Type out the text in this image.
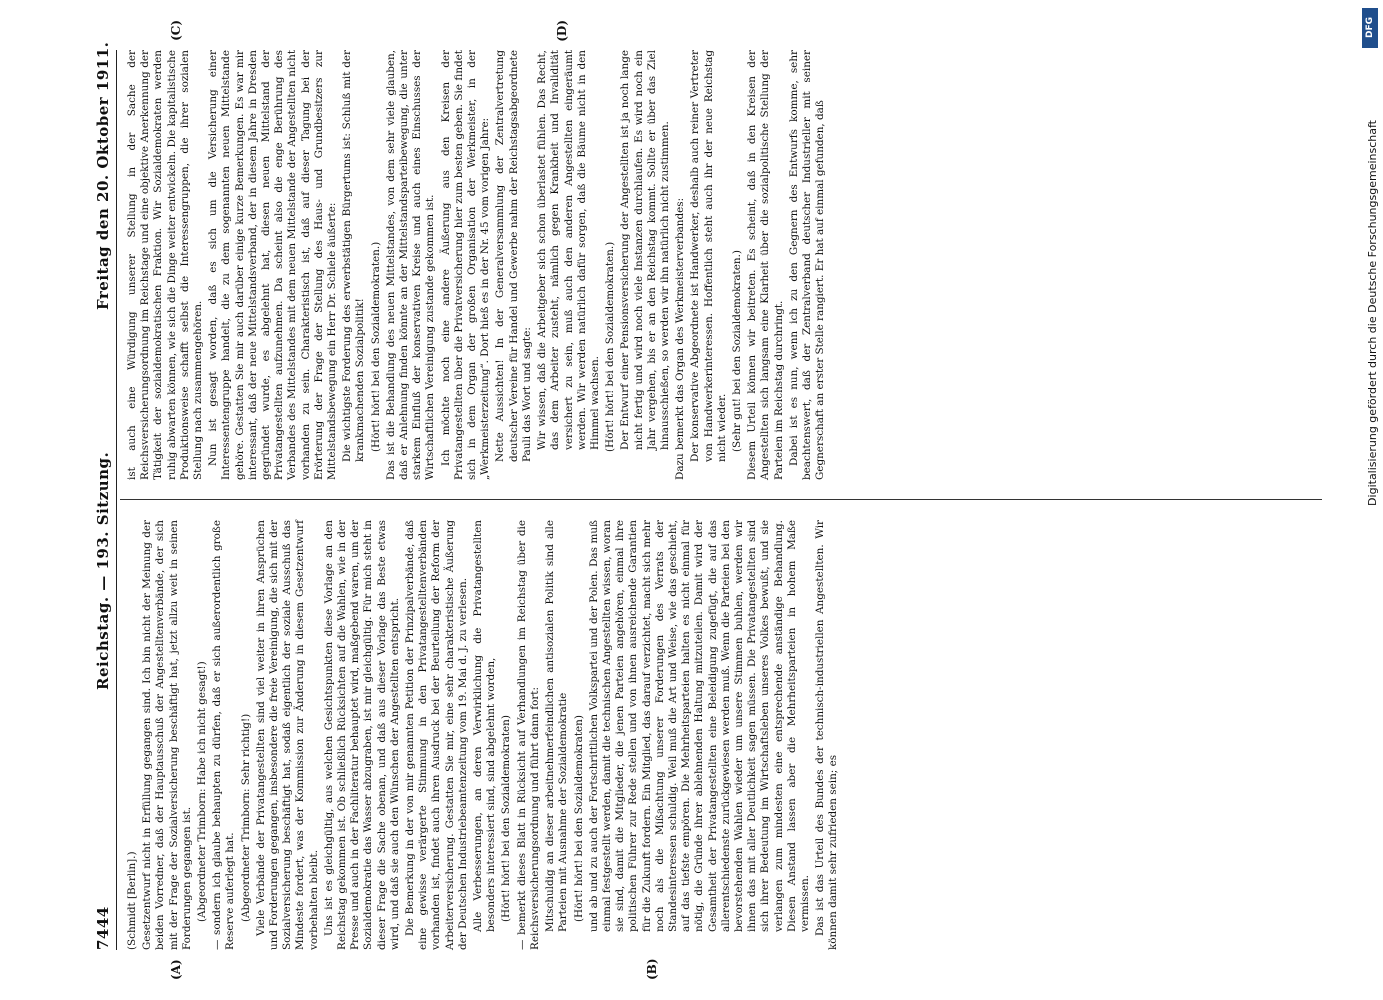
7444
Reichstag. — 193. Sitzung.
Freitag den 20. Oktober 1911.
(A)	(B)

(Schmidt [Berlin].) Gesetzentwurf nicht in Erfüllung gegangen sind. Ich bin nicht der Meinung der beiden Vorredner, daß der Hauptausschuß der Angestelltenverbände, der sich mit der Frage der Sozialversicherung beschäftigt hat, jetzt allzu weit in seinen Forderungen gegangen ist. (Abgeordneter Trimborn: Habe ich nicht gesagt!) — sondern ich glaube behaupten zu dürfen, daß er sich außerordentlich große Reserve auferlegt hat. (Abgeordneter Trimborn: Sehr richtig!) Viele Verbände der Privatangestellten sind viel weiter in ihren Ansprüchen und Forderungen gegangen, insbesondere die freie Vereinigung, die sich mit der Sozialversicherung beschäftigt hat, sodaß eigentlich der soziale Ausschuß das Mindeste fordert, was der Kommission zur Änderung in diesem Gesetzentwurf vorbehalten bleibt. Uns ist es gleichgültig, aus welchen Gesichtspunkten diese Vorlage an den Reichstag gekommen ist. Ob schließlich Rücksichten auf die Wahlen, wie in der Presse und auch in der Fachliteratur behauptet wird, maßgebend waren, um der Sozialdemokratie das Wasser abzugraben, ist mir gleichgültig. Für mich steht in dieser Frage die Sache obenan, und daß aus dieser Vorlage das Beste etwas wird, und daß sie auch den Wünschen der Angestellten entspricht. Die Bemerkung in der von mir genannten Petition der Prinzipalverbände, daß eine gewisse verärgerte Stimmung in den Privatangestelltenverbänden vorhanden ist, findet auch ihren Ausdruck bei der Beurteilung der Reform der Arbeiterversicherung. Gestatten Sie mir, eine sehr charakteristische Äußerung der Deutschen Industriebeamtenzeitung vom 19. Mai d. J. zu verlesen. Alle Verbesserungen, an deren Verwirklichung die Privatangestellten besonders interessiert sind, sind abgelehnt worden, (Hört! hört! bei den Sozialdemokraten) — bemerkt dieses Blatt in Rücksicht auf Verhandlungen im Reichstag über die Reichsversicherungsordnung und führt dann fort: Mitschuldig an dieser arbeitnehmerfeindlichen antisozialen Politik sind alle Parteien mit Ausnahme der Sozialdemokratie (Hört! hört! bei den Sozialdemokraten) und ab und zu auch der Fortschrittlichen Volkspartei und der Polen. Das muß einmal festgestellt werden, damit die technischen Angestellten wissen, woran sie sind, damit die Mitglieder, die jenen Parteien angehören, einmal ihre politischen Führer zur Rede stellen und von ihnen ausreichende Garantien für die Zukunft fordern. Ein Mitglied, das darauf verzichtet, macht sich mehr noch als die Mißachtung unserer Forderungen des Verrats der Standesinteressen schuldig. Weil muß die Art und Weise, wie das geschieht, auf das tiefste empören. Die Mehrheitsparteien halten es nicht einmal für nötig, die Gründe ihrer ablehnenden Haltung mitzuteilen. Damit wird der Gesamtheit der Privatangestellten eine Beleidigung zugefügt, die auf das allerentschiedenste zurückgewiesen werden muß. Wenn die Parteien bei den bevorstehenden Wahlen wieder um unsere Stimmen buhlen, werden wir ihnen das mit aller Deutlichkeit sagen müssen. Die Privatangestellten sind sich ihrer Bedeutung im Wirtschaftsleben unseres Volkes bewußt, und sie verlangen zum mindesten eine entsprechende anständige Behandlung. Diesen Anstand lassen aber die Mehrheitsparteien in hohem Maße vermissen. Das ist das Urteil des Bundes der technisch-industriellen Angestellten. Wir können damit sehr zufrieden sein; es

(C)	(D)

ist auch eine Würdigung unserer Stellung in der Sache der Reichsversicherungsordnung im Reichstage und eine objektive Anerkennung der Tätigkeit der sozialdemokratischen Fraktion. Wir Sozialdemokraten werden ruhig abwarten können, wie sich die Dinge weiter entwickeln. Die kapitalistische Produktionsweise schafft selbst die Interessengruppen, die ihrer sozialen Stellung nach zusammengehören. Nun ist gesagt worden, daß es sich um die Versicherung einer Interessentengruppe handelt, die zu dem sogenannten neuen Mittelstande gehöre. Gestatten Sie mir auch darüber einige kurze Bemerkungen. Es war mir interessant, daß der neue Mittelstandsverband, der in diesem Jahre in Dresden gegründet wurde, es abgelehnt hat, diesen neuen Mittelstand der Privatangestellten aufzunehmen. Da scheint also die enge Berührung des Verbandes des Mittelstandes mit dem neuen Mittelstande der Angestellten nicht vorhanden zu sein. Charakteristisch ist, daß auf dieser Tagung bei der Erörterung der Frage der Stellung des Haus- und Grundbesitzers zur Mittelstandsbewegung ein Herr Dr. Schiele äußerte: Die wichtigste Forderung des erwerbstätigen Bürgertums ist: Schluß mit der krankmachenden Sozialpolitik! (Hört! hört! bei den Sozialdemokraten.) Das ist die Behandlung des neuen Mittelstandes, von dem sehr viele glauben, daß er Anlehnung finden könnte an der Mittelstandsparteibewegung, die unter starkem Einfluß der konservativen Kreise und auch eines Einschusses der Wirtschaftlichen Vereinigung zustande gekommen ist. Ich möchte noch eine andere Äußerung aus den Kreisen der Privatangestellten über die Privatversicherung hier zum besten geben. Sie findet sich in dem Organ der großen Organisation der Werkmeister, in der „Werkmeisterzeitung“. Dort hieß es in der Nr. 45 vom vorigen Jahre: Nette Aussichten! In der Generalversammlung der Zentralvertretung deutscher Vereine für Handel und Gewerbe nahm der Reichstagsabgeordnete Pauli das Wort und sagte: Wir wissen, daß die Arbeitgeber sich schon überlastet fühlen. Das Recht, das dem Arbeiter zusteht, nämlich gegen Krankheit und Invalidität versichert zu sein, muß auch den anderen Angestellten eingeräumt werden. Wir werden natürlich dafür sorgen, daß die Bäume nicht in den Himmel wachsen. (Hört! hört! bei den Sozialdemokraten.) Der Entwurf einer Pensionsversicherung der Angestellten ist ja noch lange nicht fertig und wird noch viele Instanzen durchlaufen. Es wird noch ein Jahr vergehen, bis er an den Reichstag kommt. Sollte er über das Ziel hinausschießen, so werden wir ihn natürlich nicht zustimmen. Dazu bemerkt das Organ des Werkmeisterverbandes: Der konservative Abgeordnete ist Handwerker, deshalb auch reiner Vertreter von Handwerkerinteressen. Hoffentlich steht auch ihr der neue Reichstag nicht wieder. (Sehr gut! bei den Sozialdemokraten.) Diesem Urteil können wir beitreten. Es scheint, daß in den Kreisen der Angestellten sich langsam eine Klarheit über die sozialpolitische Stellung der Parteien im Reichstag durchringt. Dabei ist es nun, wenn ich zu den Gegnern des Entwurfs komme, sehr beachtenswert, daß der Zentralverband deutscher Industrieller mit seiner Gegnerschaft an erster Stelle rangiert. Er hat auf einmal gefunden, daß

DFG
Digitalisierung gefördert durch die Deutsche Forschungsgemeinschaft
